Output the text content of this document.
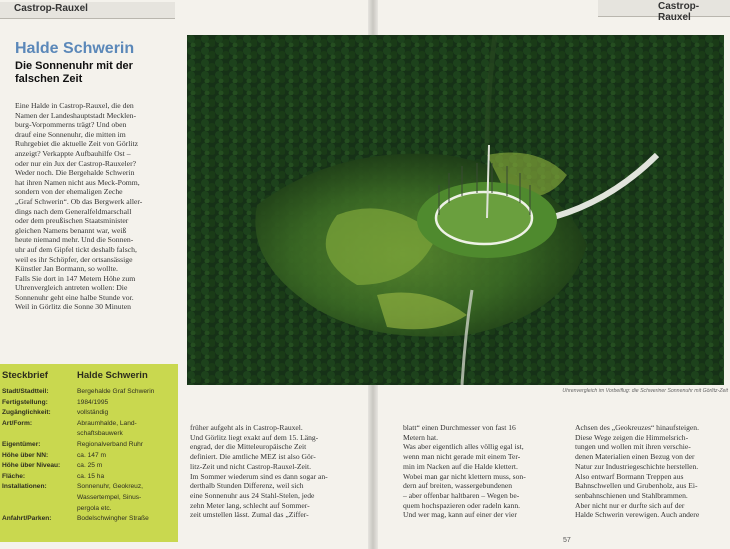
Castrop-Rauxel	Castrop-Rauxel
Halde Schwerin
Die Sonnenuhr mit der falschen Zeit

Eine Halde in Castrop-Rauxel, die den

Namen der Landeshauptstadt Mecklen-

burg-Vorpommerns trägt? Und oben

drauf eine Sonnenuhr, die mitten im

Ruhrgebiet die aktuelle Zeit von Görlitz

anzeigt? Verkappte Aufbauhilfe Ost –

oder nur ein Jux der Castrop-Rauxeler?

Weder noch. Die Bergehalde Schwerin

hat ihren Namen nicht aus Meck-Pomm,

sondern von der ehemaligen Zeche

„Graf Schwerin“. Ob das Bergwerk aller-

dings nach dem Generalfeldmarschall

oder dem preußischen Staatsminister

gleichen Namens benannt war, weiß

heute niemand mehr. Und die Sonnen-

uhr auf dem Gipfel tickt deshalb falsch,

weil es ihr Schöpfer, der ortsansässige

Künstler Jan Bormann, so wollte.

Falls Sie dort in 147 Metern Höhe zum

Uhrenvergleich antreten wollen: Die

Sonnenuhr geht eine halbe Stunde vor.

Weil in Görlitz die Sonne 30 Minuten

Uhrenvergleich im Vorbeiflug: die Schweriner Sonnenuhr mit Görlitz-Zeit
Steckbrief	Halde Schwerin
Stadt/Stadtteil:	Bergehalde Graf Schwerin
Fertigstellung:	1984/1995
Zugänglichkeit:	vollständig
Art/Form:	Abraumhalde, Land-
schaftsbauwerk
Eigentümer:	Regionalverband Ruhr
Höhe über NN:	ca. 147 m
Höhe über Niveau:	ca. 25 m
Fläche:	ca. 15 ha
Installationen:	Sonnenuhr, Geokreuz,
Wassertempel, Sinus-
pergola etc.
Anfahrt/Parken:	Bodelschwingher Straße

früher aufgeht als in Castrop-Rauxel.

Und Görlitz liegt exakt auf dem 15. Läng-

engrad, der die Mitteleuropäische Zeit

definiert. Die amtliche MEZ ist also Gör-

litz-Zeit und nicht Castrop-Rauxel-Zeit.

Im Sommer wiederum sind es dann sogar an-

derthalb Stunden Differenz, weil sich

eine Sonnenuhr aus 24 Stahl-Stelen, jede

zehn Meter lang, schlecht auf Sommer-

zeit umstellen lässt. Zumal das „Ziffer-

blatt“ einen Durchmesser von fast 16

Metern hat.

Was aber eigentlich alles völlig egal ist,

wenn man nicht gerade mit einem Ter-

min im Nacken auf die Halde klettert.

Wobei man gar nicht klettern muss, son-

dern auf breiten, wassergebundenen

– aber offenbar haltbaren – Wegen be-

quem hochspazieren oder radeln kann.

Und wer mag, kann auf einer der vier

Achsen des „Geokreuzes“ hinaufsteigen.

Diese Wege zeigen die Himmelsrich-

tungen und wollen mit ihren verschie-

denen Materialien einen Bezug von der

Natur zur Industriegeschichte herstellen.

Also entwarf Bormann Treppen aus

Bahnschwellen und Grubenholz, aus Ei-

senbahnschienen und Stahlbrammen.

Aber nicht nur er durfte sich auf der

Halde Schwerin verewigen. Auch andere

57
